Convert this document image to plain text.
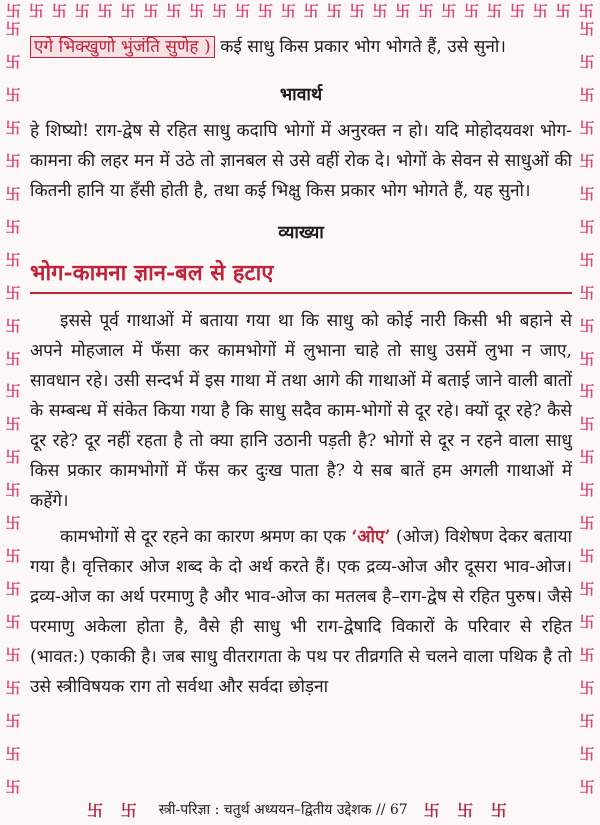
卐 卐 卐 卐 卐 卐 卐 卐 卐 卐 卐 卐 卐 卐 卐 卐 卐 卐 卐 卐 卐 卐 卐 卐 卐 卐
卐
卐
卐
卐
卐
卐
卐
卐
卐
卐
卐
卐
卐
卐
卐
卐
卐
卐
卐
卐
卐
卐
卐
卐
卐
卐
卐
卐
卐
卐
卐
卐
卐
卐
卐
卐
卐
卐
卐
卐
卐
卐
卐
卐
卐
卐
卐
卐

एगे भिक्खुणो भुंजंति सुणेह ) कई साधु किस प्रकार भोग भोगते हैं, उसे सुनो।

भावार्थ

हे शिष्यो! राग-द्वेष से रहित साधु कदापि भोगों में अनुरक्त न हो। यदि मोहोदयवश भोग-कामना की लहर मन में उठे तो ज्ञानबल से उसे वहीं रोक दे। भोगों के सेवन से साधुओं की कितनी हानि या हँसी होती है, तथा कई भिक्षु किस प्रकार भोग भोगते हैं, यह सुनो।

व्याख्या
भोग-कामना ज्ञान-बल से हटाए

इससे पूर्व गाथाओं में बताया गया था कि साधु को कोई नारी किसी भी बहाने से अपने मोहजाल में फँसा कर कामभोगों में लुभाना चाहे तो साधु उसमें लुभा न जाए, सावधान रहे। उसी सन्दर्भ में इस गाथा में तथा आगे की गाथाओं में बताई जाने वाली बातों के सम्बन्ध में संकेत किया गया है कि साधु सदैव काम-भोगों से दूर रहे। क्यों दूर रहे? कैसे दूर रहे? दूर नहीं रहता है तो क्या हानि उठानी पड़ती है? भोगों से दूर न रहने वाला साधु किस प्रकार कामभोगों में फँस कर दुःख पाता है? ये सब बातें हम अगली गाथाओं में कहेंगे।

कामभोगों से दूर रहने का कारण श्रमण का एक ‘ओए’ (ओज) विशेषण देकर बताया गया है। वृत्तिकार ओज शब्द के दो अर्थ करते हैं। एक द्रव्य-ओज और दूसरा भाव-ओज। द्रव्य-ओज का अर्थ परमाणु है और भाव-ओज का मतलब है–राग-द्वेष से रहित पुरुष। जैसे परमाणु अकेला होता है, वैसे ही साधु भी राग-द्वेषादि विकारों के परिवार से रहित (भावत:) एकाकी है। जब साधु वीतरागता के पथ पर तीव्रगति से चलने वाला पथिक है तो उसे स्त्रीविषयक राग तो सर्वथा और सर्वदा छोड़ना

卐 卐 स्त्री-परिज्ञा : चतुर्थ अध्ययन–द्वितीय उद्देशक // 67 卐 卐 卐
